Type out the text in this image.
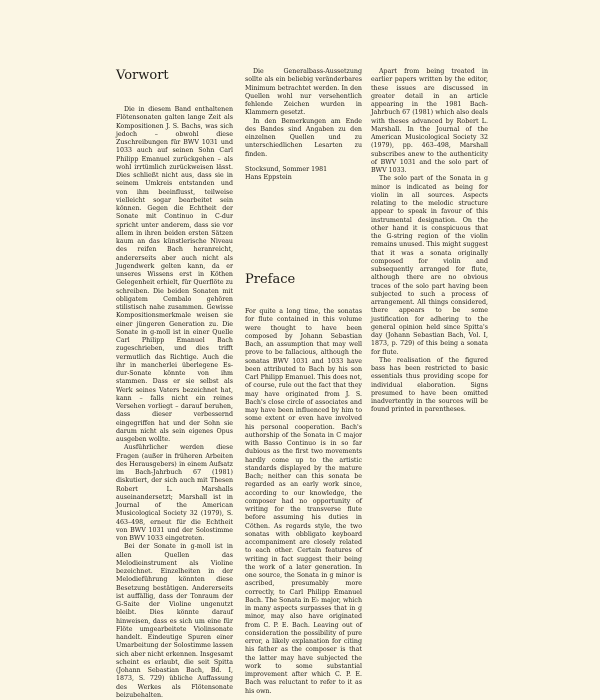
Vorwort

Die in diesem Band enthaltenen Flötensonaten galten lange Zeit als Kompositionen J. S. Bachs, was sich jedoch – obwohl diese Zuschreibungen für BWV 1031 und 1033 auch auf seinen Sohn Carl Philipp Emanuel zurückgehen – als wohl irrtümlich zurückweisen lässt. Dies schließt nicht aus, dass sie in seinem Umkreis entstanden und von ihm beeinflusst, teilweise vielleicht sogar bearbeitet sein können. Gegen die Echtheit der Sonate mit Continuo in C-dur spricht unter anderem, dass sie vor allem in ihren beiden ersten Sätzen kaum an das künstlerische Niveau des reifen Bach heranreicht, andererseits aber auch nicht als Jugendwerk gelten kann, da er unseres Wissens erst in Köthen Gelegenheit erhielt, für Querflöte zu schreiben. Die beiden Sonaten mit obligatem Cembalo gehören stilistisch nahe zusammen. Gewisse Kompositionsmerkmale weisen sie einer jüngeren Generation zu. Die Sonate in g-moll ist in einer Quelle Carl Philipp Emanuel Bach zugeschrieben, und dies trifft vermutlich das Richtige. Auch die ihr in mancherlei überlegene Es-dur-Sonate könnte von ihm stammen. Dass er sie selbst als Werk seines Vaters bezeichnet hat, kann – falls nicht ein reines Versehen vorliegt – darauf beruhen, dass dieser verbessernd eingegriffen hat und der Sohn sie darum nicht als sein eigenes Opus ausgeben wollte.

Ausführlicher werden diese Fragen (außer in früheren Arbeiten des Herausgebers) in einem Aufsatz im Bach-Jahrbuch 67 (1981) diskutiert, der sich auch mit Thesen Robert L. Marshalls auseinandersetzt; Marshall ist in Journal of the American Musicological Society 32 (1979), S. 463–498, erneut für die Echtheit von BWV 1031 und der Solostimme von BWV 1033 eingetreten.

Bei der Sonate in g-moll ist in allen Quellen das Melodieinstrument als Violine bezeichnet. Einzelheiten in der Melodieführung könnten diese Besetzung bestätigen. Andererseits ist auffällig, dass der Tonraum der G-Saite der Violine ungenutzt bleibt. Dies könnte darauf hinweisen, dass es sich um eine für Flöte umgearbeitete Violinsonate handelt. Eindeutige Spuren einer Umarbeitung der Solostimme lassen sich aber nicht erkennen. Insgesamt scheint es erlaubt, die seit Spitta (Johann Sebastian Bach, Bd. I, 1873, S. 729) übliche Auffassung des Werkes als Flötensonate beizubehalten.

Die Generalbass-Aussetzung sollte als ein beliebig veränderbares Minimum betrachtet werden. In den Quellen wohl nur versehentlich fehlende Zeichen wurden in Klammern gesetzt.

In den Bemerkungen am Ende des Bandes sind Angaben zu den einzelnen Quellen und zu unterschiedlichen Lesarten zu finden.

Stocksund, Sommer 1981

Hans Eppstein

Preface

For quite a long time, the sonatas for flute contained in this volume were thought to have been composed by Johann Sebastian Bach, an assumption that may well prove to be fallacious, although the sonatas BWV 1031 and 1033 have been attributed to Bach by his son Carl Philipp Emanuel. This does not, of course, rule out the fact that they may have originated from J. S. Bach's close circle of associates and may have been influenced by him to some extent or even have involved his personal cooperation. Bach's authorship of the Sonata in C major with Basso Continuo is in so far dubious as the first two movements hardly come up to the artistic standards displayed by the mature Bach; neither can this sonata be regarded as an early work since, according to our knowledge, the composer had no opportunity of writing for the transverse flute before assuming his duties in Cöthen. As regards style, the two sonatas with obbligato keyboard accompaniment are closely related to each other. Certain features of writing in fact suggest their being the work of a later generation. In one source, the Sonata in g minor is ascribed, presumably more correctly, to Carl Philipp Emanuel Bach. The Sonata in E♭ major, which in many aspects surpasses that in g minor, may also have originated from C. P. E. Bach. Leaving out of consideration the possibility of pure error, a likely explanation for citing his father as the composer is that the latter may have subjected the work to some substantial improvement after which C. P. E. Bach was reluctant to refer to it as his own.

Apart from being treated in earlier papers written by the editor, these issues are discussed in greater detail in an article appearing in the 1981 Bach-Jahrbuch 67 (1981) which also deals with theses advanced by Robert L. Marshall. In the Journal of the American Musicological Society 32 (1979), pp. 463–498, Marshall subscribes anew to the authenticity of BWV 1031 and the solo part of BWV 1033.

The solo part of the Sonata in g minor is indicated as being for violin in all sources. Aspects relating to the melodic structure appear to speak in favour of this instrumental designation. On the other hand it is conspicuous that the G-string region of the violin remains unused. This might suggest that it was a sonata originally composed for violin and subsequently arranged for flute, although there are no obvious traces of the solo part having been subjected to such a process of arrangement. All things considered, there appears to be some justification for adhering to the general opinion held since Spitta's day (Johann Sebastian Bach, Vol. I, 1873, p. 729) of this being a sonata for flute.

The realisation of the figured bass has been restricted to basic essentials thus providing scope for individual elaboration. Signs presumed to have been omitted inadvertently in the sources will be found printed in parentheses.
